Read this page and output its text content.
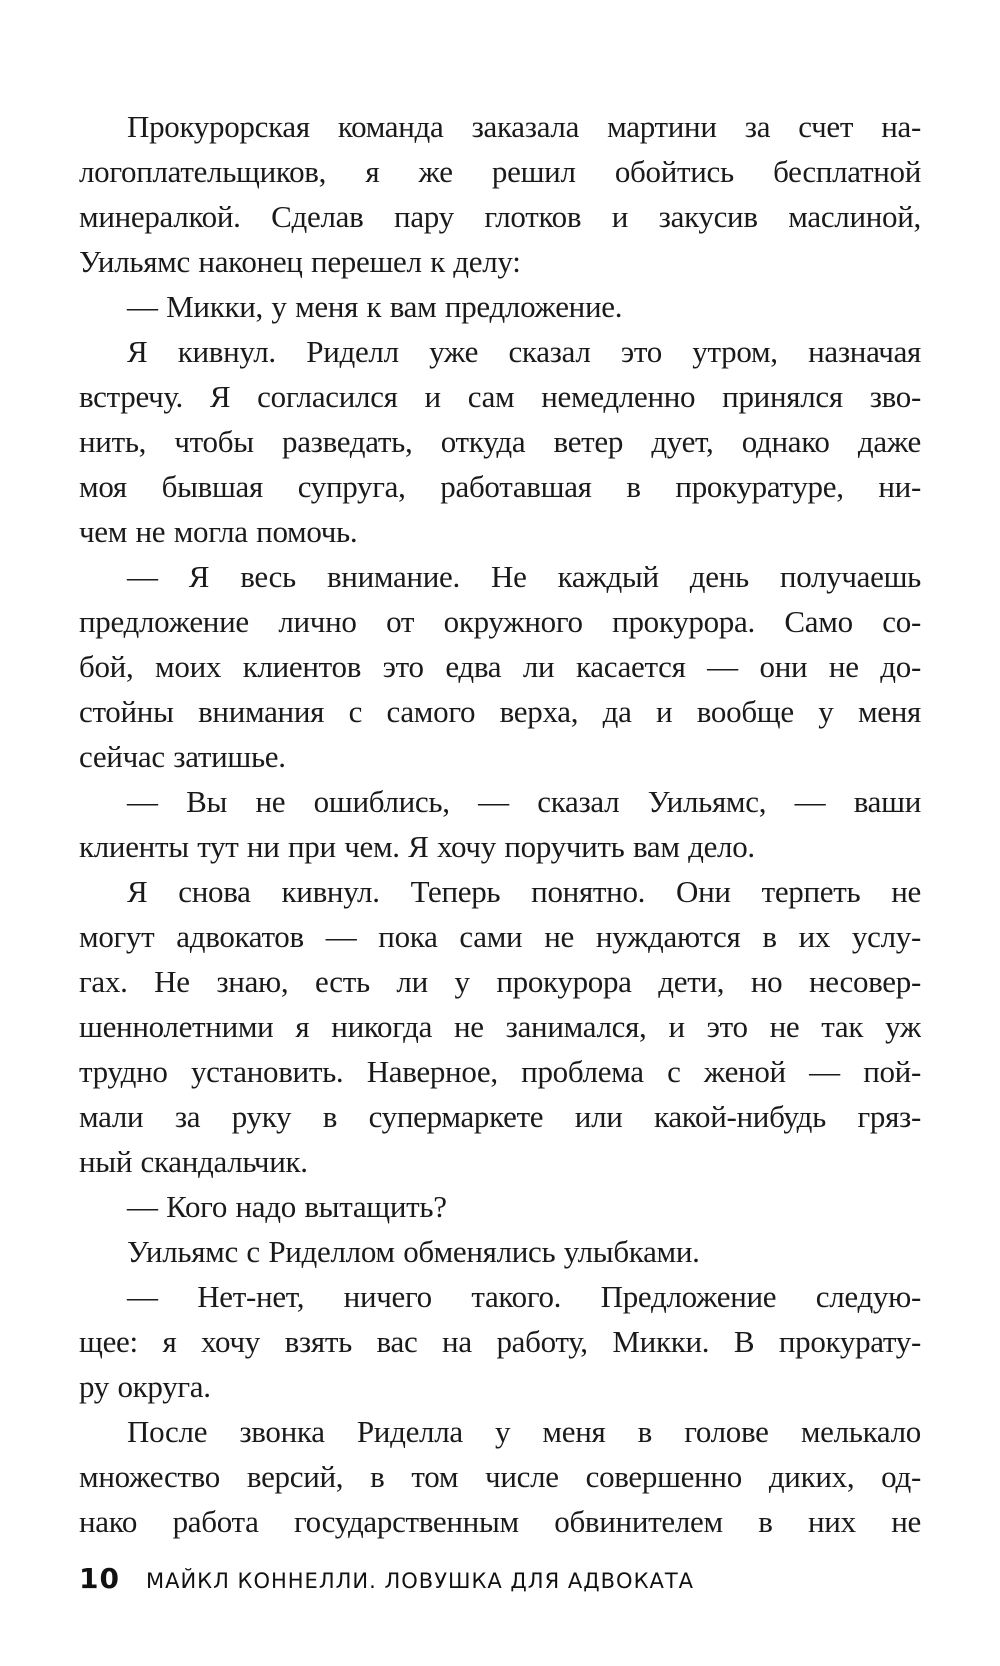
Прокурорская команда заказала мартини за счет на-
логоплательщиков, я же решил обойтись бесплатной
минералкой. Сделав пару глотков и закусив маслиной,
Уильямс наконец перешел к делу:
— Микки, у меня к вам предложение.
Я кивнул. Риделл уже сказал это утром, назначая
встречу. Я согласился и сам немедленно принялся зво-
нить, чтобы разведать, откуда ветер дует, однако даже
моя бывшая супруга, работавшая в прокуратуре, ни-
чем не могла помочь.
— Я весь внимание. Не каждый день получаешь
предложение лично от окружного прокурора. Само со-
бой, моих клиентов это едва ли касается — они не до-
стойны внимания с самого верха, да и вообще у меня
сейчас затишье.
— Вы не ошиблись, — сказал Уильямс, — ваши
клиенты тут ни при чем. Я хочу поручить вам дело.
Я снова кивнул. Теперь понятно. Они терпеть не
могут адвокатов — пока сами не нуждаются в их услу-
гах. Не знаю, есть ли у прокурора дети, но несовер-
шеннолетними я никогда не занимался, и это не так уж
трудно установить. Наверное, проблема с женой — пой-
мали за руку в супермаркете или какой-нибудь гряз-
ный скандальчик.
— Кого надо вытащить?
Уильямс с Риделлом обменялись улыбками.
— Нет-нет, ничего такого. Предложение следую-
щее: я хочу взять вас на работу, Микки. В прокурату-
ру округа.
После звонка Риделла у меня в голове мелькало
множество версий, в том числе совершенно диких, од-
нако работа государственным обвинителем в них не
10 МАЙКЛ КОННЕЛЛИ. ЛОВУШКА ДЛЯ АДВОКАТА
